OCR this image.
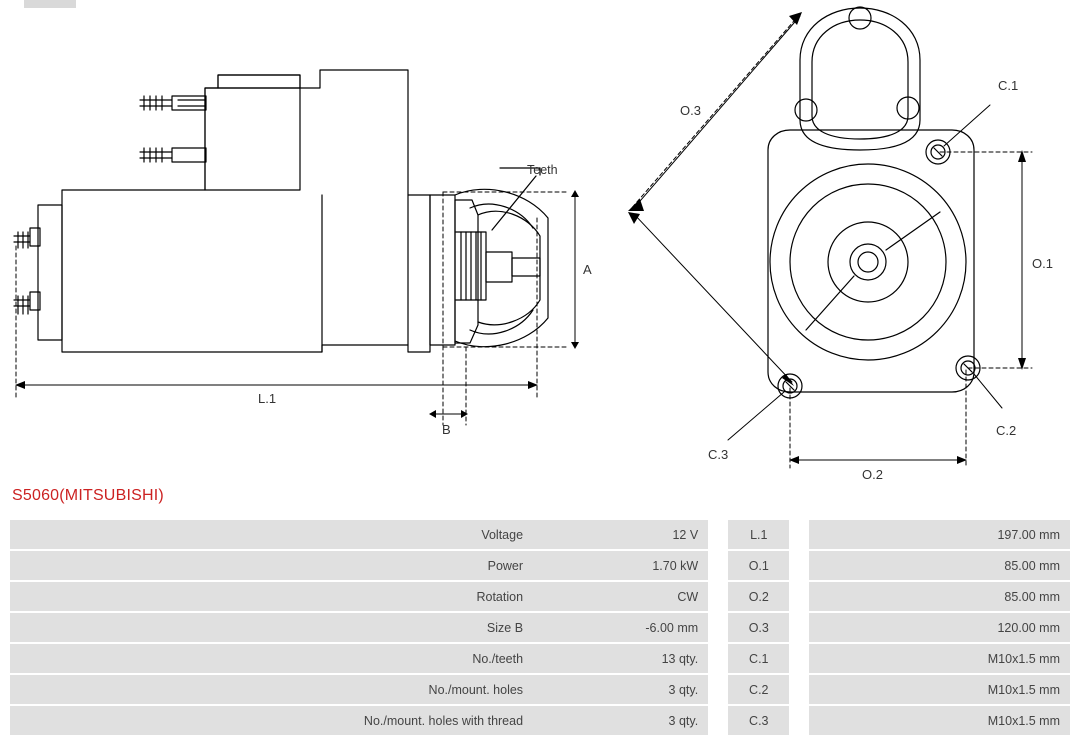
Teeth
A
B
L.1
O.3
O.1
O.2
C.1
C.2
C.3
S5060(MITSUBISHI)
Voltage	12 V		L.1		197.00 mm
Power	1.70 kW		O.1		85.00 mm
Rotation	CW		O.2		85.00 mm
Size B	-6.00 mm		O.3		120.00 mm
No./teeth	13 qty.		C.1		M10x1.5 mm
No./mount. holes	3 qty.		C.2		M10x1.5 mm
No./mount. holes with thread	3 qty.		C.3		M10x1.5 mm
